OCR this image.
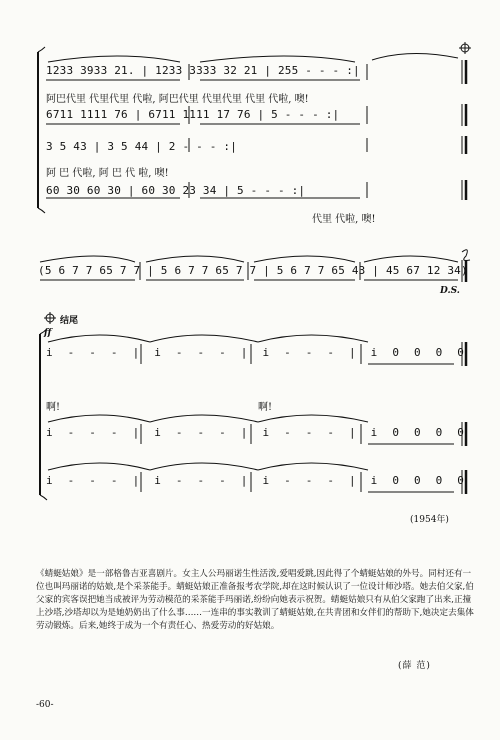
1233 3933 21. | 1233 3333 32 21 | 255 - - - :|
阿巴代里 代里代里 代啦, 阿巴代里 代里代里 代里 代啦, 噢!
6711 1111 76 | 6711 1111 17 76 | 5 - - - :|
3 5 43 | 3 5 44 | 2 - - - :|
阿 巴 代啦, 阿 巴 代 啦, 噢!
60 30 60 30 | 60 30 23 34 | 5 - - - :|
代里 代啦, 噢!
(5 6 7 7 65 7 7 | 5 6 7 7 65 7 7 | 5 6 7 7 65 43 | 45 67 12 34)
D.S.
结尾
ff
i - - - | i - - - | i - - - | i 0 0 0 0
啊!	啊!
i - - - | i - - - | i - - - | i 0 0 0 0
i - - - | i - - - | i - - - | i 0 0 0 0
(1954年)
《蜻蜓姑娘》是一部格鲁吉亚喜剧片。女主人公玛丽诺生性活泼,爱唱爱跳,因此得了个蜻蜓姑娘的外号。同村还有一位也叫玛丽诺的姑娘,是个采茶能手。蜻蜓姑娘正准备报考农学院,却在这时候认识了一位设计师沙塔。她去伯父家,伯父家的宾客误把她当成被评为劳动模范的采茶能手玛丽诺,纷纷向她表示祝贺。蜻蜓姑娘只有从伯父家跑了出来,正撞上沙塔,沙塔却以为是她奶奶出了什么事……一连串的事实教训了蜻蜓姑娘,在共青团和女伴们的帮助下,她决定去集体劳动锻炼。后来,她终于成为一个有责任心、热爱劳动的好姑娘。
(薛 范)
-60-
